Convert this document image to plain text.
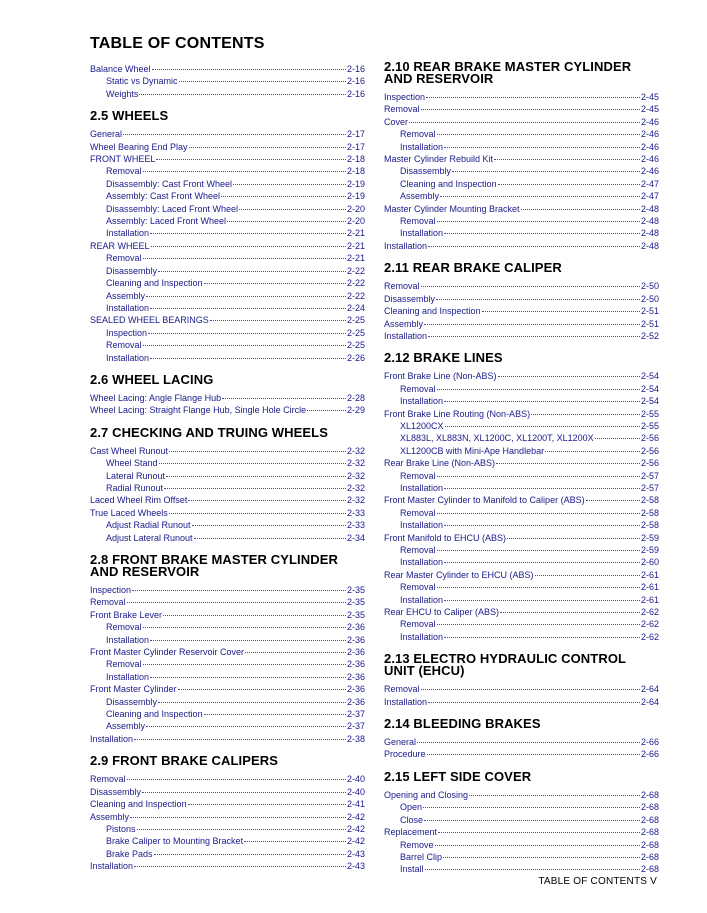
TABLE OF CONTENTS
Balance Wheel	2-16
Static vs Dynamic	2-16
Weights	2-16
2.5 WHEELS
General	2-17
Wheel Bearing End Play	2-17
FRONT WHEEL	2-18
Removal	2-18
Disassembly: Cast Front Wheel	2-19
Assembly: Cast Front Wheel	2-19
Disassembly: Laced Front Wheel	2-20
Assembly: Laced Front Wheel	2-20
Installation	2-21
REAR WHEEL	2-21
Removal	2-21
Disassembly	2-22
Cleaning and Inspection	2-22
Assembly	2-22
Installation	2-24
SEALED WHEEL BEARINGS	2-25
Inspection	2-25
Removal	2-25
Installation	2-26
2.6 WHEEL LACING
Wheel Lacing: Angle Flange Hub	2-28
Wheel Lacing: Straight Flange Hub, Single Hole Circle	2-29
2.7 CHECKING AND TRUING WHEELS
Cast Wheel Runout	2-32
Wheel Stand	2-32
Lateral Runout	2-32
Radial Runout	2-32
Laced Wheel Rim Offset	2-32
True Laced Wheels	2-33
Adjust Radial Runout	2-33
Adjust Lateral Runout	2-34
2.8 FRONT BRAKE MASTER CYLINDER AND RESERVOIR
Inspection	2-35
Removal	2-35
Front Brake Lever	2-35
Removal	2-36
Installation	2-36
Front Master Cylinder Reservoir Cover	2-36
Removal	2-36
Installation	2-36
Front Master Cylinder	2-36
Disassembly	2-36
Cleaning and Inspection	2-37
Assembly	2-37
Installation	2-38
2.9 FRONT BRAKE CALIPERS
Removal	2-40
Disassembly	2-40
Cleaning and Inspection	2-41
Assembly	2-42
Pistons	2-42
Brake Caliper to Mounting Bracket	2-42
Brake Pads	2-43
Installation	2-43
2.10 REAR BRAKE MASTER CYLINDER AND RESERVOIR
Inspection	2-45
Removal	2-45
Cover	2-46
Removal	2-46
Installation	2-46
Master Cylinder Rebuild Kit	2-46
Disassembly	2-46
Cleaning and Inspection	2-47
Assembly	2-47
Master Cylinder Mounting Bracket	2-48
Removal	2-48
Installation	2-48
Installation	2-48
2.11 REAR BRAKE CALIPER
Removal	2-50
Disassembly	2-50
Cleaning and Inspection	2-51
Assembly	2-51
Installation	2-52
2.12 BRAKE LINES
Front Brake Line (Non-ABS)	2-54
Removal	2-54
Installation	2-54
Front Brake Line Routing (Non-ABS)	2-55
XL1200CX	2-55
XL883L, XL883N, XL1200C, XL1200T, XL1200X	2-56
XL1200CB with Mini-Ape Handlebar	2-56
Rear Brake Line (Non-ABS)	2-56
Removal	2-57
Installation	2-57
Front Master Cylinder to Manifold to Caliper (ABS)	2-58
Removal	2-58
Installation	2-58
Front Manifold to EHCU (ABS)	2-59
Removal	2-59
Installation	2-60
Rear Master Cylinder to EHCU (ABS)	2-61
Removal	2-61
Installation	2-61
Rear EHCU to Caliper (ABS)	2-62
Removal	2-62
Installation	2-62
2.13 ELECTRO HYDRAULIC CONTROL UNIT (EHCU)
Removal	2-64
Installation	2-64
2.14 BLEEDING BRAKES
General	2-66
Procedure	2-66
2.15 LEFT SIDE COVER
Opening and Closing	2-68
Open	2-68
Close	2-68
Replacement	2-68
Remove	2-68
Barrel Clip	2-68
Install	2-68
TABLE OF CONTENTS V
